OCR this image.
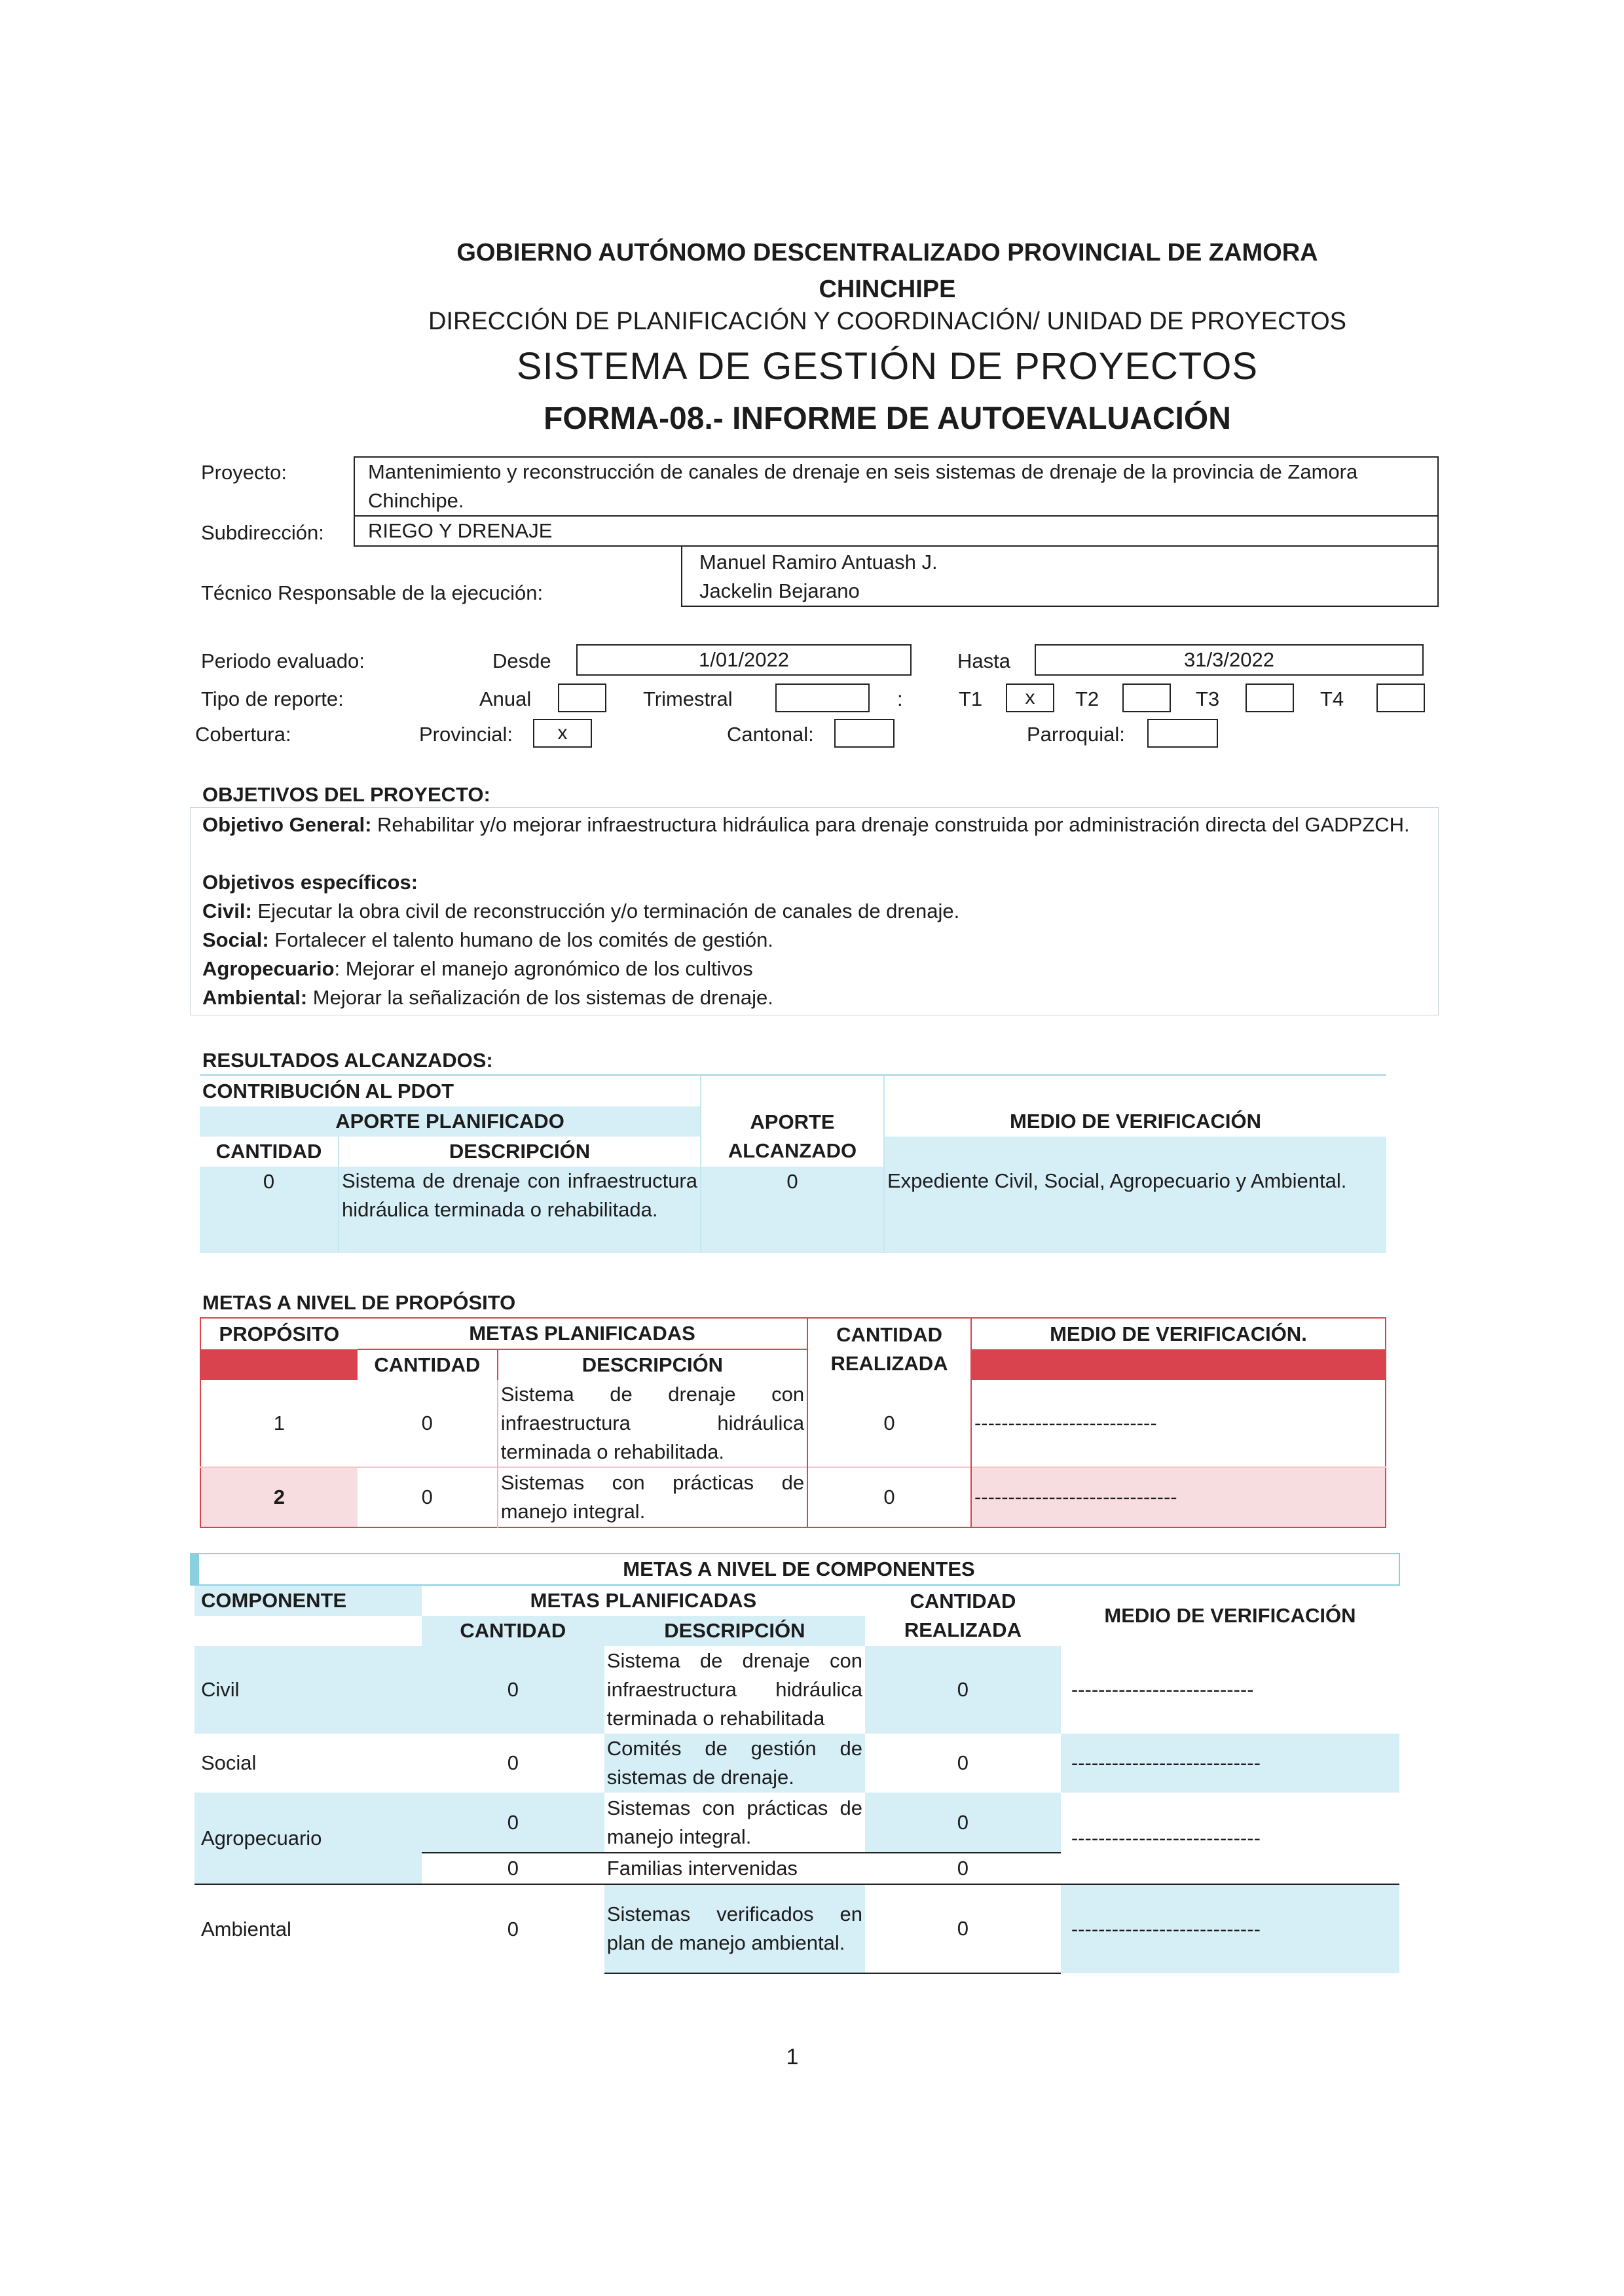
GOBIERNO AUTÓNOMO DESCENTRALIZADO PROVINCIAL DE ZAMORA
CHINCHIPE
DIRECCIÓN DE PLANIFICACIÓN Y COORDINACIÓN/ UNIDAD DE PROYECTOS
SISTEMA DE GESTIÓN DE PROYECTOS
FORMA-08.- INFORME DE AUTOEVALUACIÓN
Proyecto:	Mantenimiento y reconstrucción de canales de drenaje en seis sistemas de drenaje de la provincia de Zamora Chinchipe.
Subdirección: RIEGO Y DRENAJE
Técnico Responsable de la ejecución:
Manuel Ramiro Antuash J.
Jackelin Bejarano
Periodo evaluado:	Desde	1/01/2022	Hasta	31/3/2022
Tipo de reporte:	Anual	Trimestral	:	T1	x	T2	T3	T4
Cobertura:	Provincial:	x	Cantonal:	Parroquial:
OBJETIVOS DEL PROYECTO:
Objetivo General: Rehabilitar y/o mejorar infraestructura hidráulica para drenaje construida por administración directa del GADPZCH.
Objetivos específicos:
Civil: Ejecutar la obra civil de reconstrucción y/o terminación de canales de drenaje.
Social: Fortalecer el talento humano de los comités de gestión.
Agropecuario: Mejorar el manejo agronómico de los cultivos
Ambiental: Mejorar la señalización de los sistemas de drenaje.
RESULTADOS ALCANZADOS:
CONTRIBUCIÓN AL PDOT			
APORTE PLANIFICADO		APORTE ALCANZADO	MEDIO DE VERIFICACIÓN
CANTIDAD	DESCRIPCIÓN		
0	Sistema de drenaje con infraestructura hidráulica terminada o rehabilitada.	0	Expediente Civil, Social, Agropecuario y Ambiental.
METAS A NIVEL DE PROPÓSITO
PROPÓSITO	METAS PLANIFICADAS		CANTIDAD REALIZADA	MEDIO DE VERIFICACIÓN.
	CANTIDAD	DESCRIPCIÓN		
1	0	Sistema de drenaje con infraestructura hidráulica terminada o rehabilitada.	0	---------------------------
2	0	Sistemas con prácticas de manejo integral.	0	------------------------------
METAS A NIVEL DE COMPONENTES				
COMPONENTE	METAS PLANIFICADAS		CANTIDAD REALIZADA	MEDIO DE VERIFICACIÓN
	CANTIDAD	DESCRIPCIÓN		
Civil	0	Sistema de drenaje con infraestructura hidráulica terminada o rehabilitada	0	---------------------------
Social	0	Comités de gestión de sistemas de drenaje.	0	----------------------------
Agropecuario	0	Sistemas con prácticas de manejo integral.	0	----------------------------
	0	Familias intervenidas	0	
Ambiental	0	Sistemas verificados en plan de manejo ambiental.	0	----------------------------
1
